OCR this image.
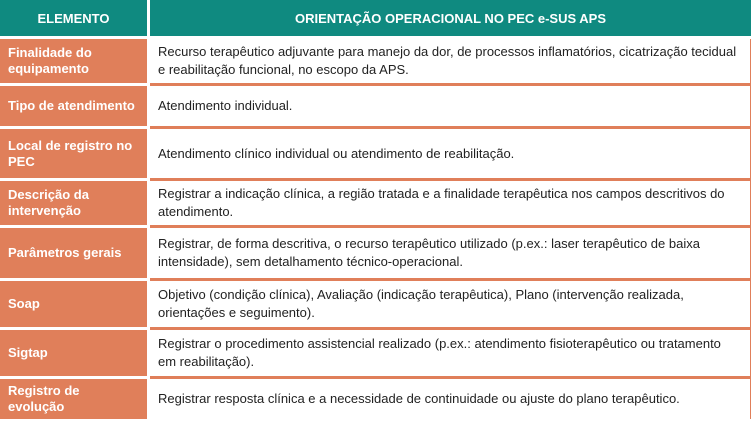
ELEMENTO	ORIENTAÇÃO OPERACIONAL NO PEC e-SUS APS
Finalidade do equipamento	Recurso terapêutico adjuvante para manejo da dor, de processos inflamatórios, cicatrização tecidual e reabilitação funcional, no escopo da APS.
Tipo de atendimento	Atendimento individual.
Local de registro no PEC	Atendimento clínico individual ou atendimento de reabilitação.
Descrição da intervenção	Registrar a indicação clínica, a região tratada e a finalidade terapêutica nos campos descritivos do atendimento.
Parâmetros gerais	Registrar, de forma descritiva, o recurso terapêutico utilizado (p.ex.: laser terapêutico de baixa intensidade), sem detalhamento técnico-operacional.
Soap	Objetivo (condição clínica), Avaliação (indicação terapêutica), Plano (intervenção realizada, orientações e seguimento).
Sigtap	Registrar o procedimento assistencial realizado (p.ex.: atendimento fisioterapêutico ou tratamento em reabilitação).
Registro de evolução	Registrar resposta clínica e a necessidade de continuidade ou ajuste do plano terapêutico.
